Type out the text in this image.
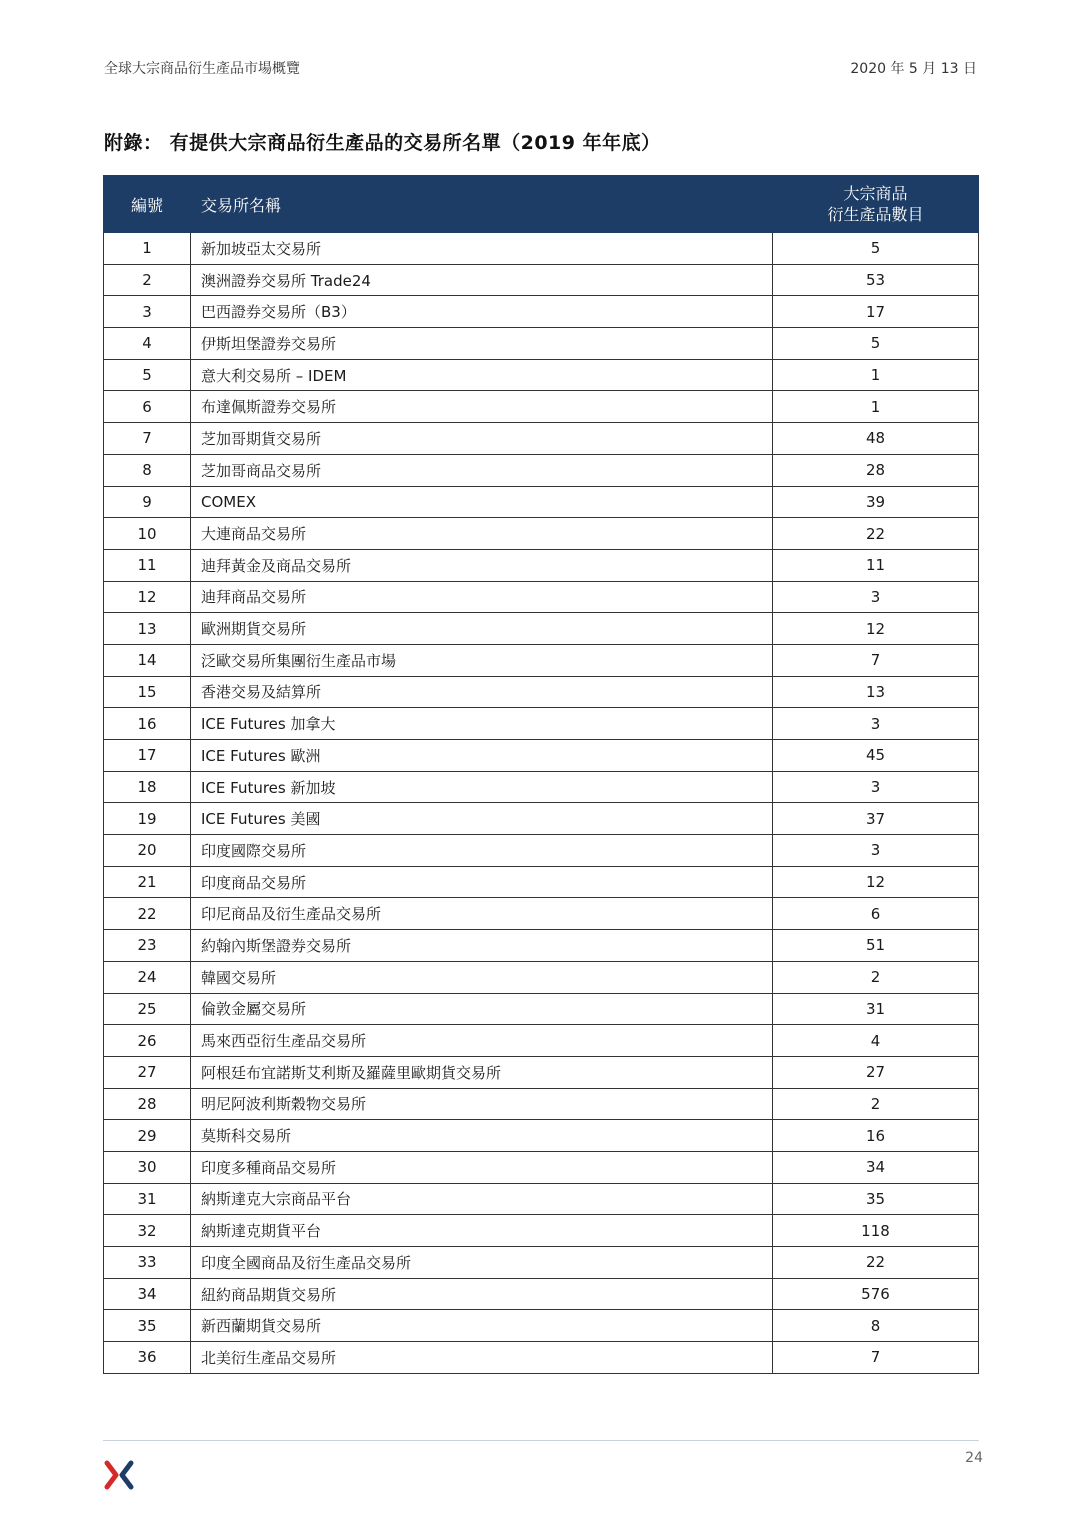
全球大宗商品衍生產品市場概覽	2020 年 5 月 13 日
附錄： 有提供大宗商品衍生產品的交易所名單（2019 年年底）
編號	交易所名稱	大宗商品
衍生產品數目

1	新加坡亞太交易所	5
2	澳洲證券交易所 Trade24	53
3	巴西證券交易所（B3）	17
4	伊斯坦堡證券交易所	5
5	意大利交易所 – IDEM	1
6	布達佩斯證券交易所	1
7	芝加哥期貨交易所	48
8	芝加哥商品交易所	28
9	COMEX	39
10	大連商品交易所	22
11	迪拜黃金及商品交易所	11
12	迪拜商品交易所	3
13	歐洲期貨交易所	12
14	泛歐交易所集團衍生產品市場	7
15	香港交易及結算所	13
16	ICE Futures 加拿大	3
17	ICE Futures 歐洲	45
18	ICE Futures 新加坡	3
19	ICE Futures 美國	37
20	印度國際交易所	3
21	印度商品交易所	12
22	印尼商品及衍生產品交易所	6
23	約翰內斯堡證券交易所	51
24	韓國交易所	2
25	倫敦金屬交易所	31
26	馬來西亞衍生產品交易所	4
27	阿根廷布宜諾斯艾利斯及羅薩里歐期貨交易所	27
28	明尼阿波利斯穀物交易所	2
29	莫斯科交易所	16
30	印度多種商品交易所	34
31	納斯達克大宗商品平台	35
32	納斯達克期貨平台	118
33	印度全國商品及衍生產品交易所	22
34	紐約商品期貨交易所	576
35	新西蘭期貨交易所	8
36	北美衍生產品交易所	7
24
